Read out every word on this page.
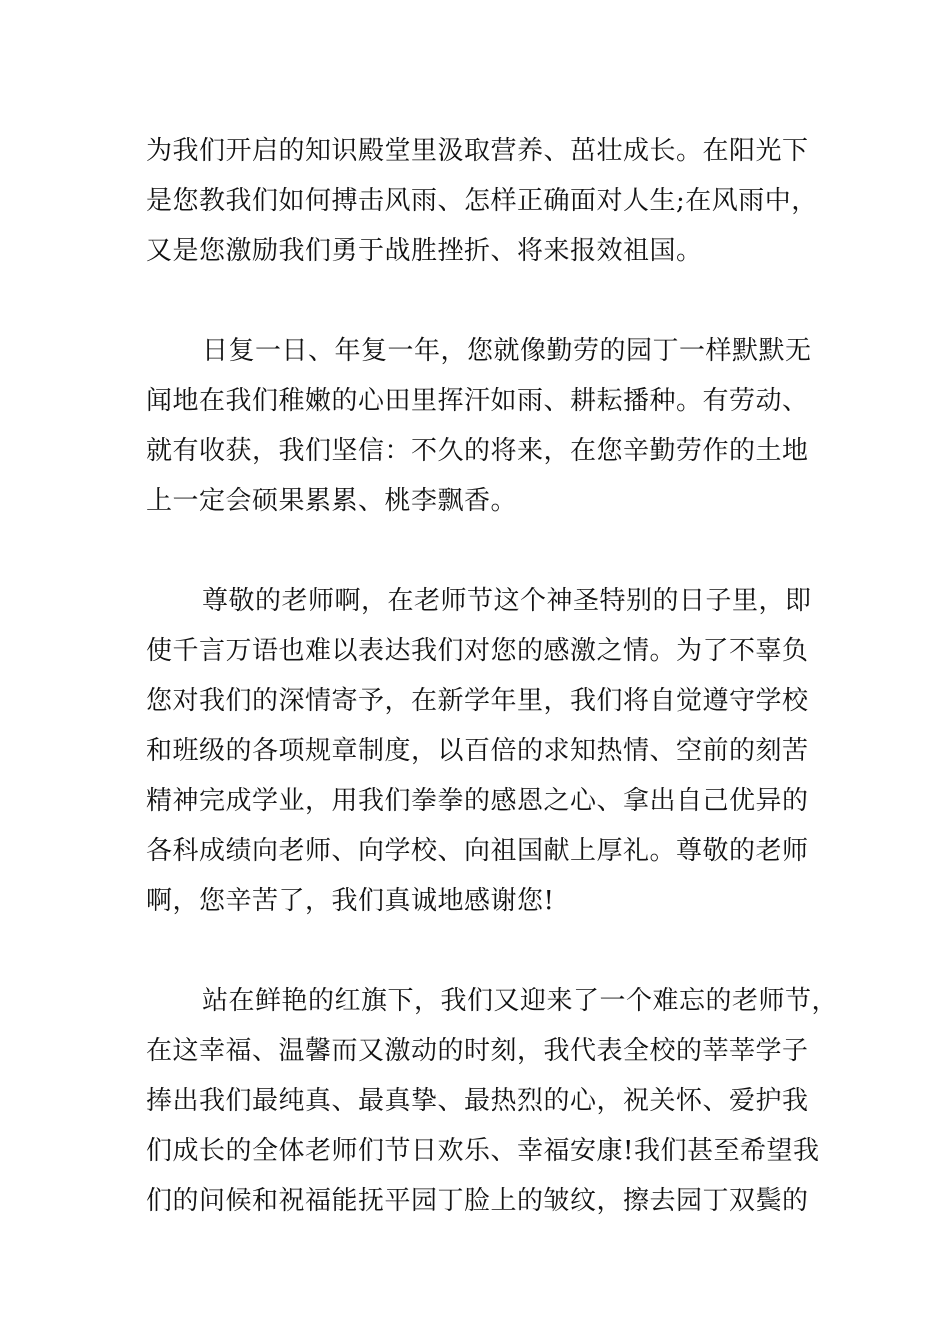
为我们开启的知识殿堂里汲取营养、茁壮成长。在阳光下
是您教我们如何搏击风雨、怎样正确面对人生;在风雨中，
又是您激励我们勇于战胜挫折、将来报效祖国。
日复一日、年复一年，您就像勤劳的园丁一样默默无
闻地在我们稚嫩的心田里挥汗如雨、耕耘播种。有劳动、
就有收获，我们坚信：不久的将来，在您辛勤劳作的土地
上一定会硕果累累、桃李飘香。
尊敬的老师啊，在老师节这个神圣特别的日子里，即
使千言万语也难以表达我们对您的感激之情。为了不辜负
您对我们的深情寄予，在新学年里，我们将自觉遵守学校
和班级的各项规章制度，以百倍的求知热情、空前的刻苦
精神完成学业，用我们拳拳的感恩之心、拿出自己优异的
各科成绩向老师、向学校、向祖国献上厚礼。尊敬的老师
啊，您辛苦了，我们真诚地感谢您!
站在鲜艳的红旗下，我们又迎来了一个难忘的老师节，
在这幸福、温馨而又激动的时刻，我代表全校的莘莘学子
捧出我们最纯真、最真挚、最热烈的心，祝关怀、爱护我
们成长的全体老师们节日欢乐、幸福安康!我们甚至希望我
们的问候和祝福能抚平园丁脸上的皱纹，擦去园丁双鬓的
